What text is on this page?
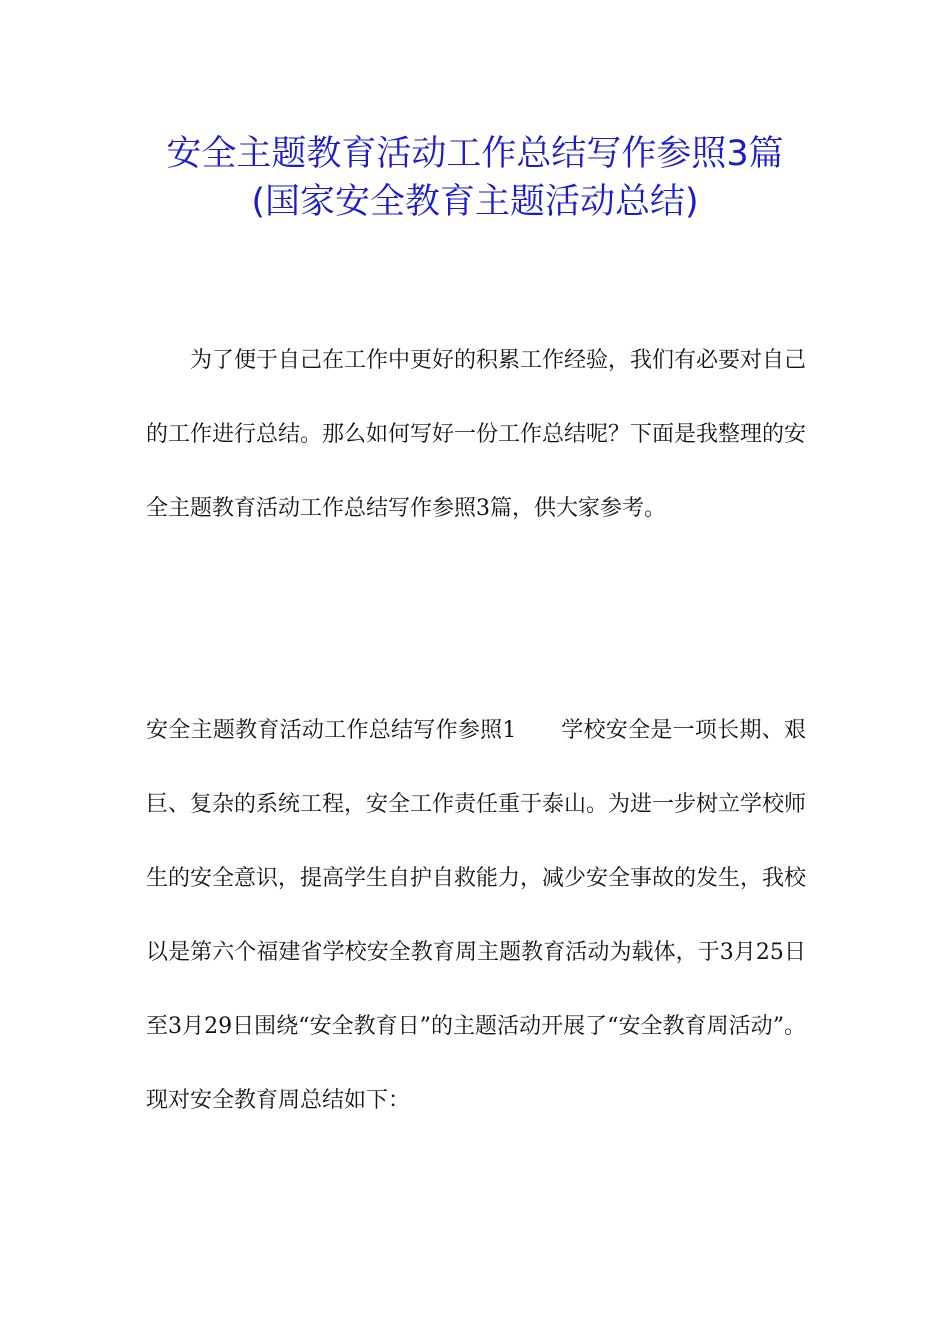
安全主题教育活动工作总结写作参照3篇
(国家安全教育主题活动总结)

为了便于自己在工作中更好的积累工作经验，我们有必要对自己的工作进行总结。那么如何写好一份工作总结呢？下面是我整理的安全主题教育活动工作总结写作参照3篇，供大家参考。

安全主题教育活动工作总结写作参照1　　学校安全是一项长期、艰巨、复杂的系统工程，安全工作责任重于泰山。为进一步树立学校师生的安全意识，提高学生自护自救能力，减少安全事故的发生，我校以是第六个福建省学校安全教育周主题教育活动为载体，于3月25日至3月29日围绕“安全教育日”的主题活动开展了“安全教育周活动”。现对安全教育周总结如下：
